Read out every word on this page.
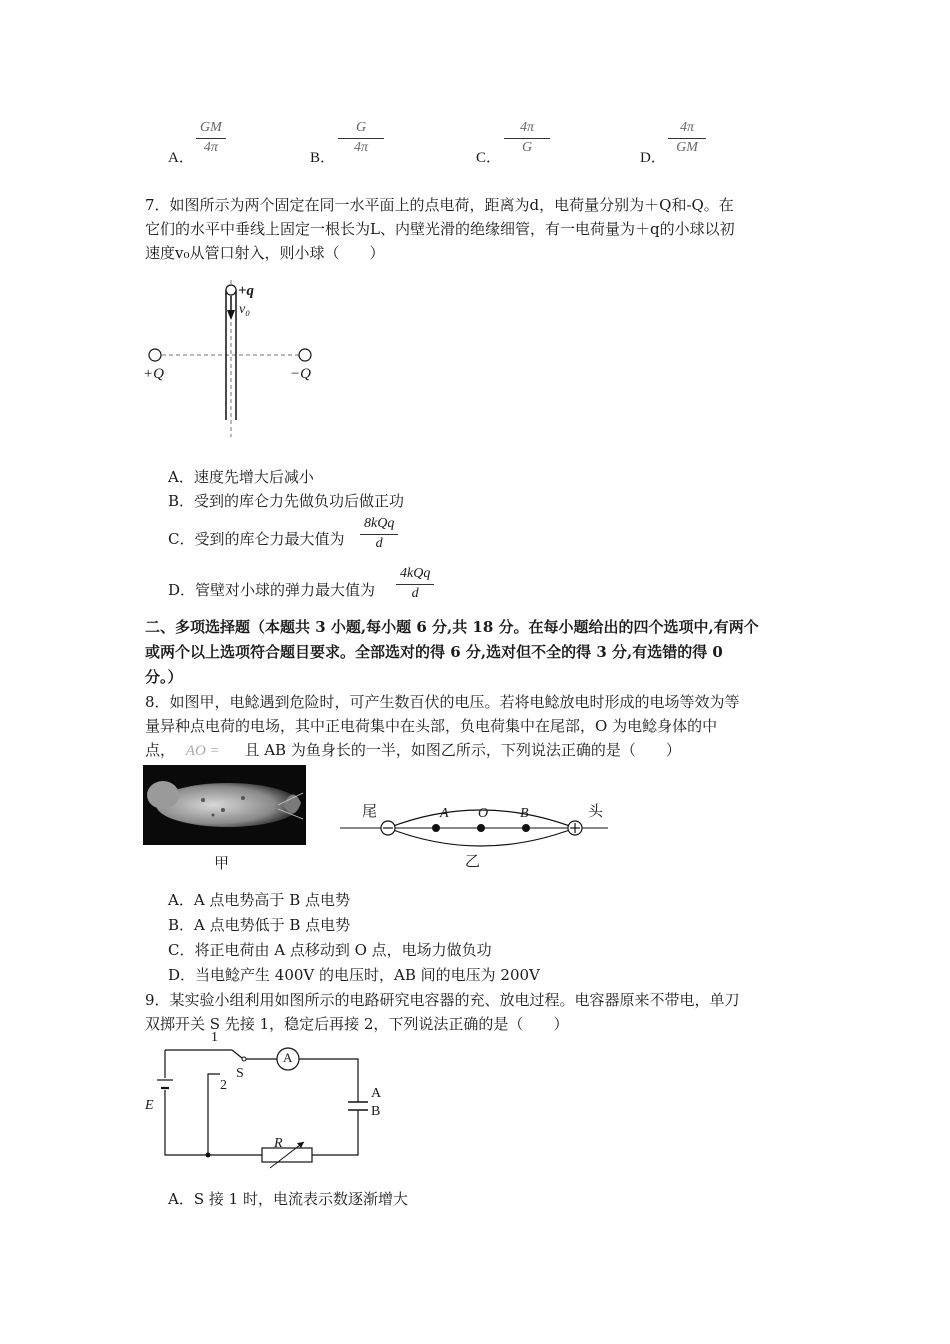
A．
GM
4π
B．
G
4π
C．
4π
G
D．
4π
GM
7．如图所示为两个固定在同一水平面上的点电荷，距离为d，电荷量分别为＋Q和-Q。在
它们的水平中垂线上固定一根长为L、内壁光滑的绝缘细管，有一电荷量为＋q的小球以初
速度v₀从管口射入，则小球（　　）
+q
v₀
+Q	−Q
A．速度先增大后减小
B．受到的库仑力先做负功后做正功
C．受到的库仑力最大值为
8kQq
d
D．管壁对小球的弹力最大值为
4kQq
d
二、多项选择题（本题共 3 小题,每小题 6 分,共 18 分。在每小题给出的四个选项中,有两个
或两个以上选项符合题目要求。全部选对的得 6 分,选对但不全的得 3 分,有选错的得 0
分。）
8．如图甲，电鲶遇到危险时，可产生数百伏的电压。若将电鲶放电时形成的电场等效为等
量异种点电荷的电场，其中正电荷集中在头部，负电荷集中在尾部，O 为电鲶身体的中
点， AO = 且 AB 为鱼身长的一半，如图乙所示，下列说法正确的是（　　）
甲
尾	头
A O B
乙
A．A 点电势高于 B 点电势
B．A 点电势低于 B 点电势
C．将正电荷由 A 点移动到 O 点，电场力做负功
D．当电鲶产生 400V 的电压时，AB 间的电压为 200V
9．某实验小组利用如图所示的电路研究电容器的充、放电过程。电容器原来不带电，单刀
双掷开关 S 先接 1，稳定后再接 2，下列说法正确的是（　　）
1
2
S
A
E
A
B
R
A．S 接 1 时，电流表示数逐渐增大
